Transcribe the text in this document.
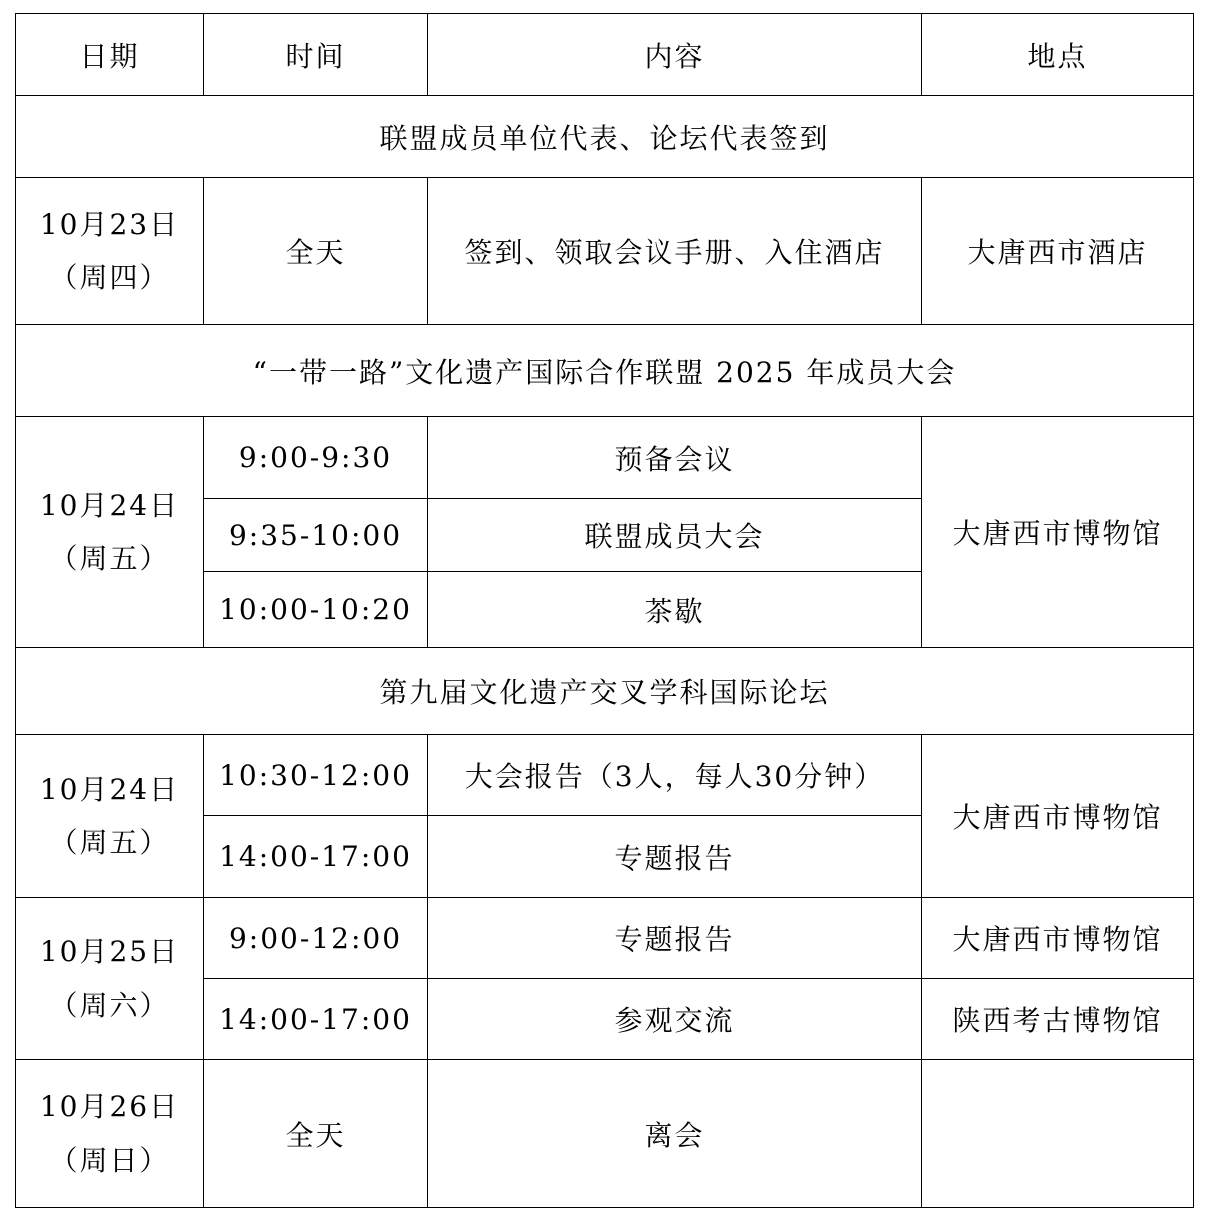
日期	时间	内容	地点
联盟成员单位代表、论坛代表签到			

10月23日
（周四）	全天	签到、领取会议手册、入住酒店	大唐西市酒店
“一带一路”文化遗产国际合作联盟 2025 年成员大会			

10月24日
（周五）	9:00-9:30	预备会议	大唐西市博物馆
	9:35-10:00	联盟成员大会	
	10:00-10:20	茶歇	
第九届文化遗产交叉学科国际论坛			

10月24日
（周五）	10:30-12:00	大会报告（3人，每人30分钟）	大唐西市博物馆
	14:00-17:00	专题报告	

10月25日
（周六）	9:00-12:00	专题报告	大唐西市博物馆
	14:00-17:00	参观交流	陕西考古博物馆

10月26日
（周日）	全天	离会	
